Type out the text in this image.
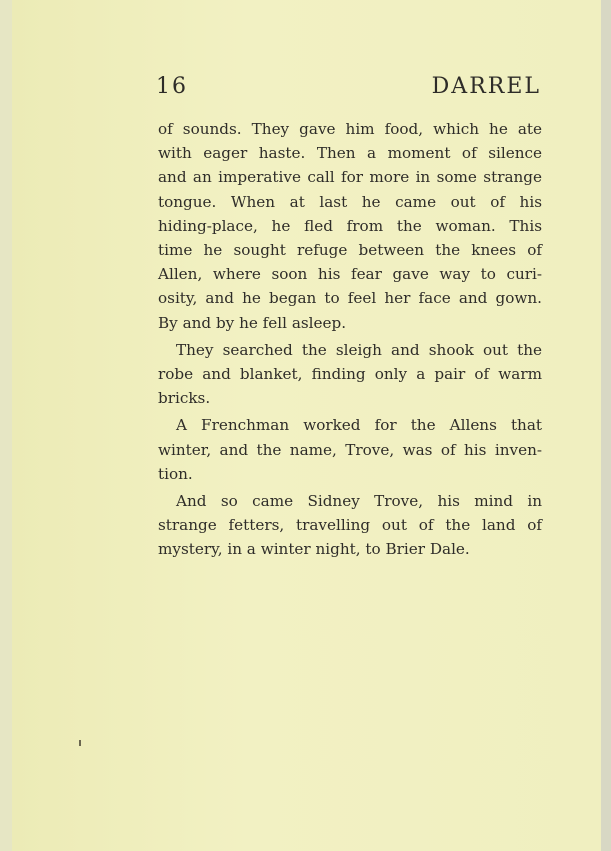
16	DARREL

of sounds. They gave him food, which he ate
with eager haste. Then a moment of silence
and an imperative call for more in some strange
tongue. When at last he came out of his
hiding-place, he fled from the woman. This
time he sought refuge between the knees of
Allen, where soon his fear gave way to curi-
osity, and he began to feel her face and gown.
By and by he fell asleep.

They searched the sleigh and shook out the
robe and blanket, finding only a pair of warm
bricks.

A Frenchman worked for the Allens that
winter, and the name, Trove, was of his inven-
tion.

And so came Sidney Trove, his mind in
strange fetters, travelling out of the land of
mystery, in a winter night, to Brier Dale.
